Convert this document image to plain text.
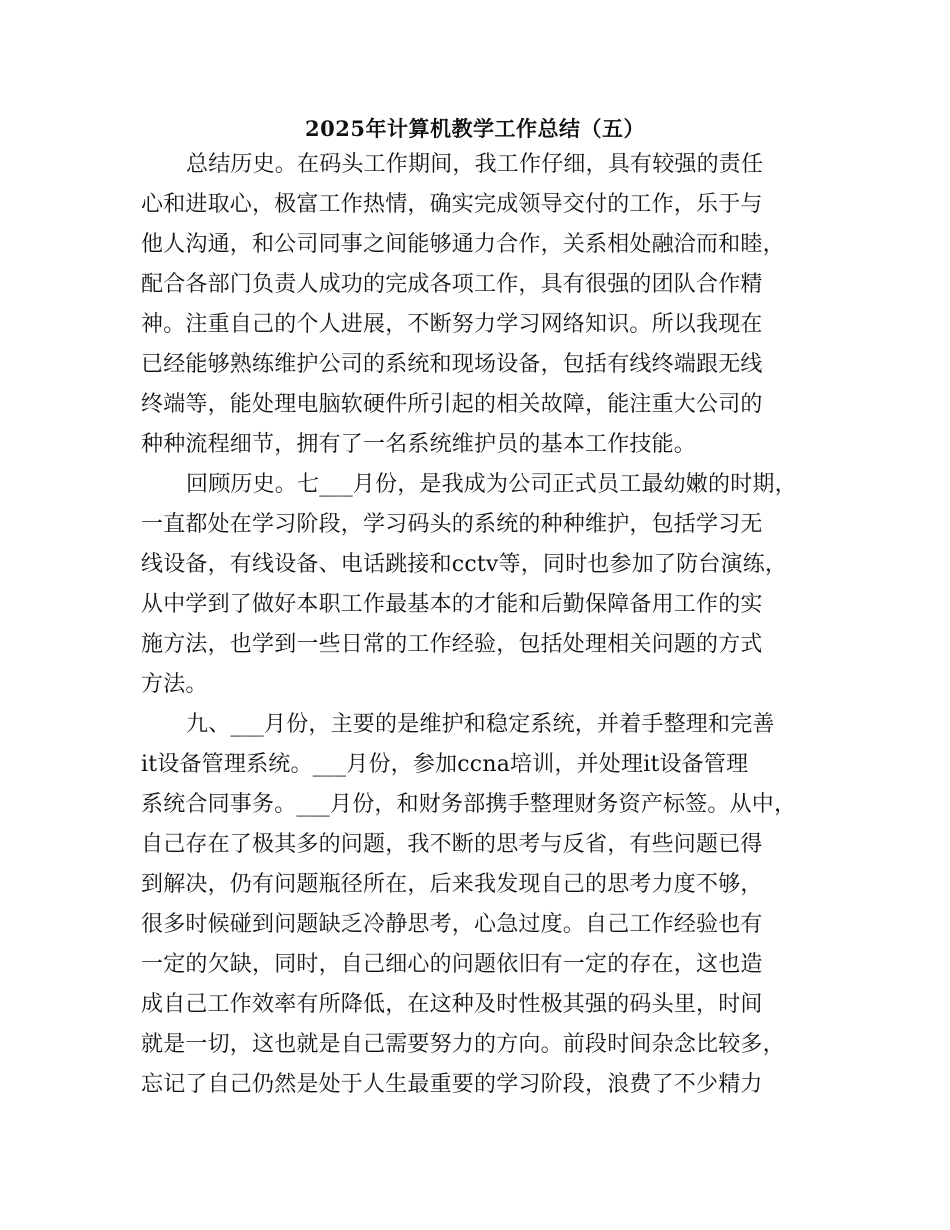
2025年计算机教学工作总结（五）
总结历史。在码头工作期间，我工作仔细，具有较强的责任
心和进取心，极富工作热情，确实完成领导交付的工作，乐于与
他人沟通，和公司同事之间能够通力合作，关系相处融洽而和睦，
配合各部门负责人成功的完成各项工作，具有很强的团队合作精
神。注重自己的个人进展，不断努力学习网络知识。所以我现在
已经能够熟练维护公司的系统和现场设备，包括有线终端跟无线
终端等，能处理电脑软硬件所引起的相关故障，能注重大公司的
种种流程细节，拥有了一名系统维护员的基本工作技能。
回顾历史。七___月份，是我成为公司正式员工最幼嫩的时期，
一直都处在学习阶段，学习码头的系统的种种维护，包括学习无
线设备，有线设备、电话跳接和cctv等，同时也参加了防台演练，
从中学到了做好本职工作最基本的才能和后勤保障备用工作的实
施方法，也学到一些日常的工作经验，包括处理相关问题的方式
方法。
九、___月份，主要的是维护和稳定系统，并着手整理和完善
it设备管理系统。___月份，参加ccna培训，并处理it设备管理
系统合同事务。___月份，和财务部携手整理财务资产标签。从中，
自己存在了极其多的问题，我不断的思考与反省，有些问题已得
到解决，仍有问题瓶径所在，后来我发现自己的思考力度不够，
很多时候碰到问题缺乏冷静思考，心急过度。自己工作经验也有
一定的欠缺，同时，自己细心的问题依旧有一定的存在，这也造
成自己工作效率有所降低，在这种及时性极其强的码头里，时间
就是一切，这也就是自己需要努力的方向。前段时间杂念比较多，
忘记了自己仍然是处于人生最重要的学习阶段，浪费了不少精力
